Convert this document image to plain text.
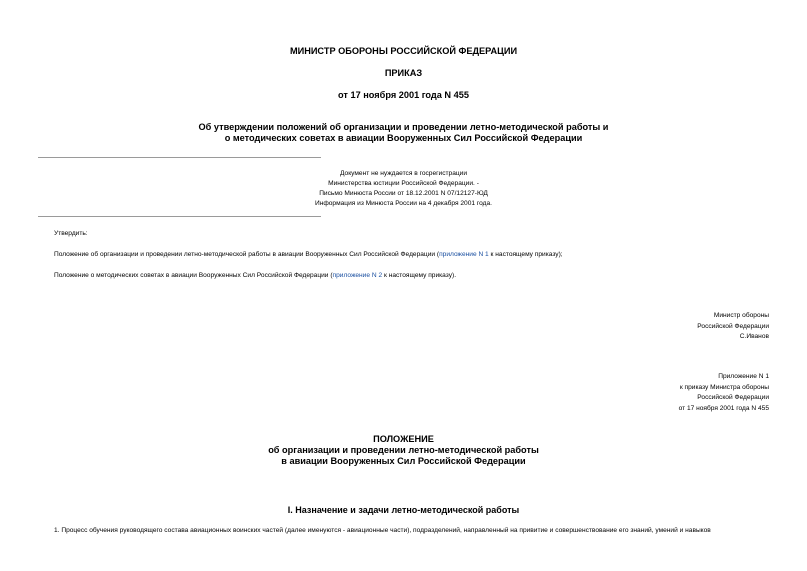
МИНИСТР ОБОРОНЫ РОССИЙСКОЙ ФЕДЕРАЦИИ
ПРИКАЗ
от 17 ноября 2001 года N 455
Об утверждении положений об организации и проведении летно-методической работы и
о методических советах в авиации Вооруженных Сил Российской Федерации
Документ не нуждается в госрегистрации
Министерства юстиции Российской Федерации. -
Письмо Минюста России от 18.12.2001 N 07/12127-ЮД
Информация из Минюста России на 4 декабря 2001 года.
Утвердить:
Положение об организации и проведении летно-методической работы в авиации Вооруженных Сил Российской Федерации (приложение N 1 к настоящему приказу);
Положение о методических советах в авиации Вооруженных Сил Российской Федерации (приложение N 2 к настоящему приказу).
Министр обороны
Российской Федерации
С.Иванов
Приложение N 1
к приказу Министра обороны
Российской Федерации
от 17 ноября 2001 года N 455
ПОЛОЖЕНИЕ
об организации и проведении летно-методической работы
в авиации Вооруженных Сил Российской Федерации
I. Назначение и задачи летно-методической работы
1. Процесс обучения руководящего состава авиационных воинских частей (далее именуются - авиационные части), подразделений, направленный на привитие и совершенствование его знаний, умений и навыков
